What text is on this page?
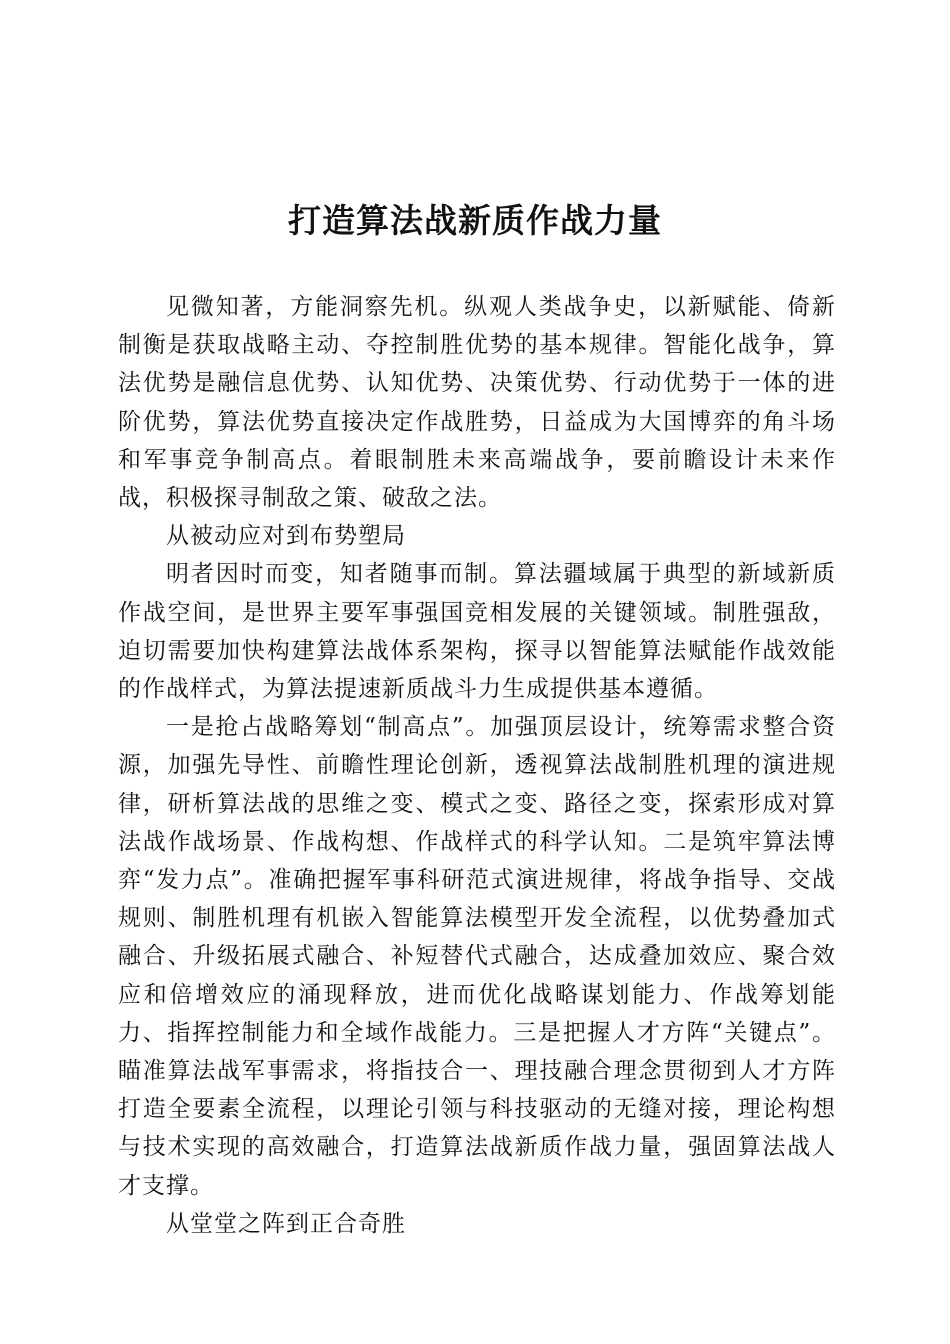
打造算法战新质作战力量

见微知著，方能洞察先机。纵观人类战争史，以新赋能、倚新制衡是获取战略主动、夺控制胜优势的基本规律。智能化战争，算法优势是融信息优势、认知优势、决策优势、行动优势于一体的进阶优势，算法优势直接决定作战胜势，日益成为大国博弈的角斗场和军事竞争制高点。着眼制胜未来高端战争，要前瞻设计未来作战，积极探寻制敌之策、破敌之法。

从被动应对到布势塑局

明者因时而变，知者随事而制。算法疆域属于典型的新域新质作战空间，是世界主要军事强国竞相发展的关键领域。制胜强敌，迫切需要加快构建算法战体系架构，探寻以智能算法赋能作战效能的作战样式，为算法提速新质战斗力生成提供基本遵循。

一是抢占战略筹划“制高点”。加强顶层设计，统筹需求整合资源，加强先导性、前瞻性理论创新，透视算法战制胜机理的演进规律，研析算法战的思维之变、模式之变、路径之变，探索形成对算法战作战场景、作战构想、作战样式的科学认知。二是筑牢算法博弈“发力点”。准确把握军事科研范式演进规律，将战争指导、交战规则、制胜机理有机嵌入智能算法模型开发全流程，以优势叠加式融合、升级拓展式融合、补短替代式融合，达成叠加效应、聚合效应和倍增效应的涌现释放，进而优化战略谋划能力、作战筹划能力、指挥控制能力和全域作战能力。三是把握人才方阵“关键点”。瞄准算法战军事需求，将指技合一、理技融合理念贯彻到人才方阵打造全要素全流程，以理论引领与科技驱动的无缝对接，理论构想与技术实现的高效融合，打造算法战新质作战力量，强固算法战人才支撑。

从堂堂之阵到正合奇胜
